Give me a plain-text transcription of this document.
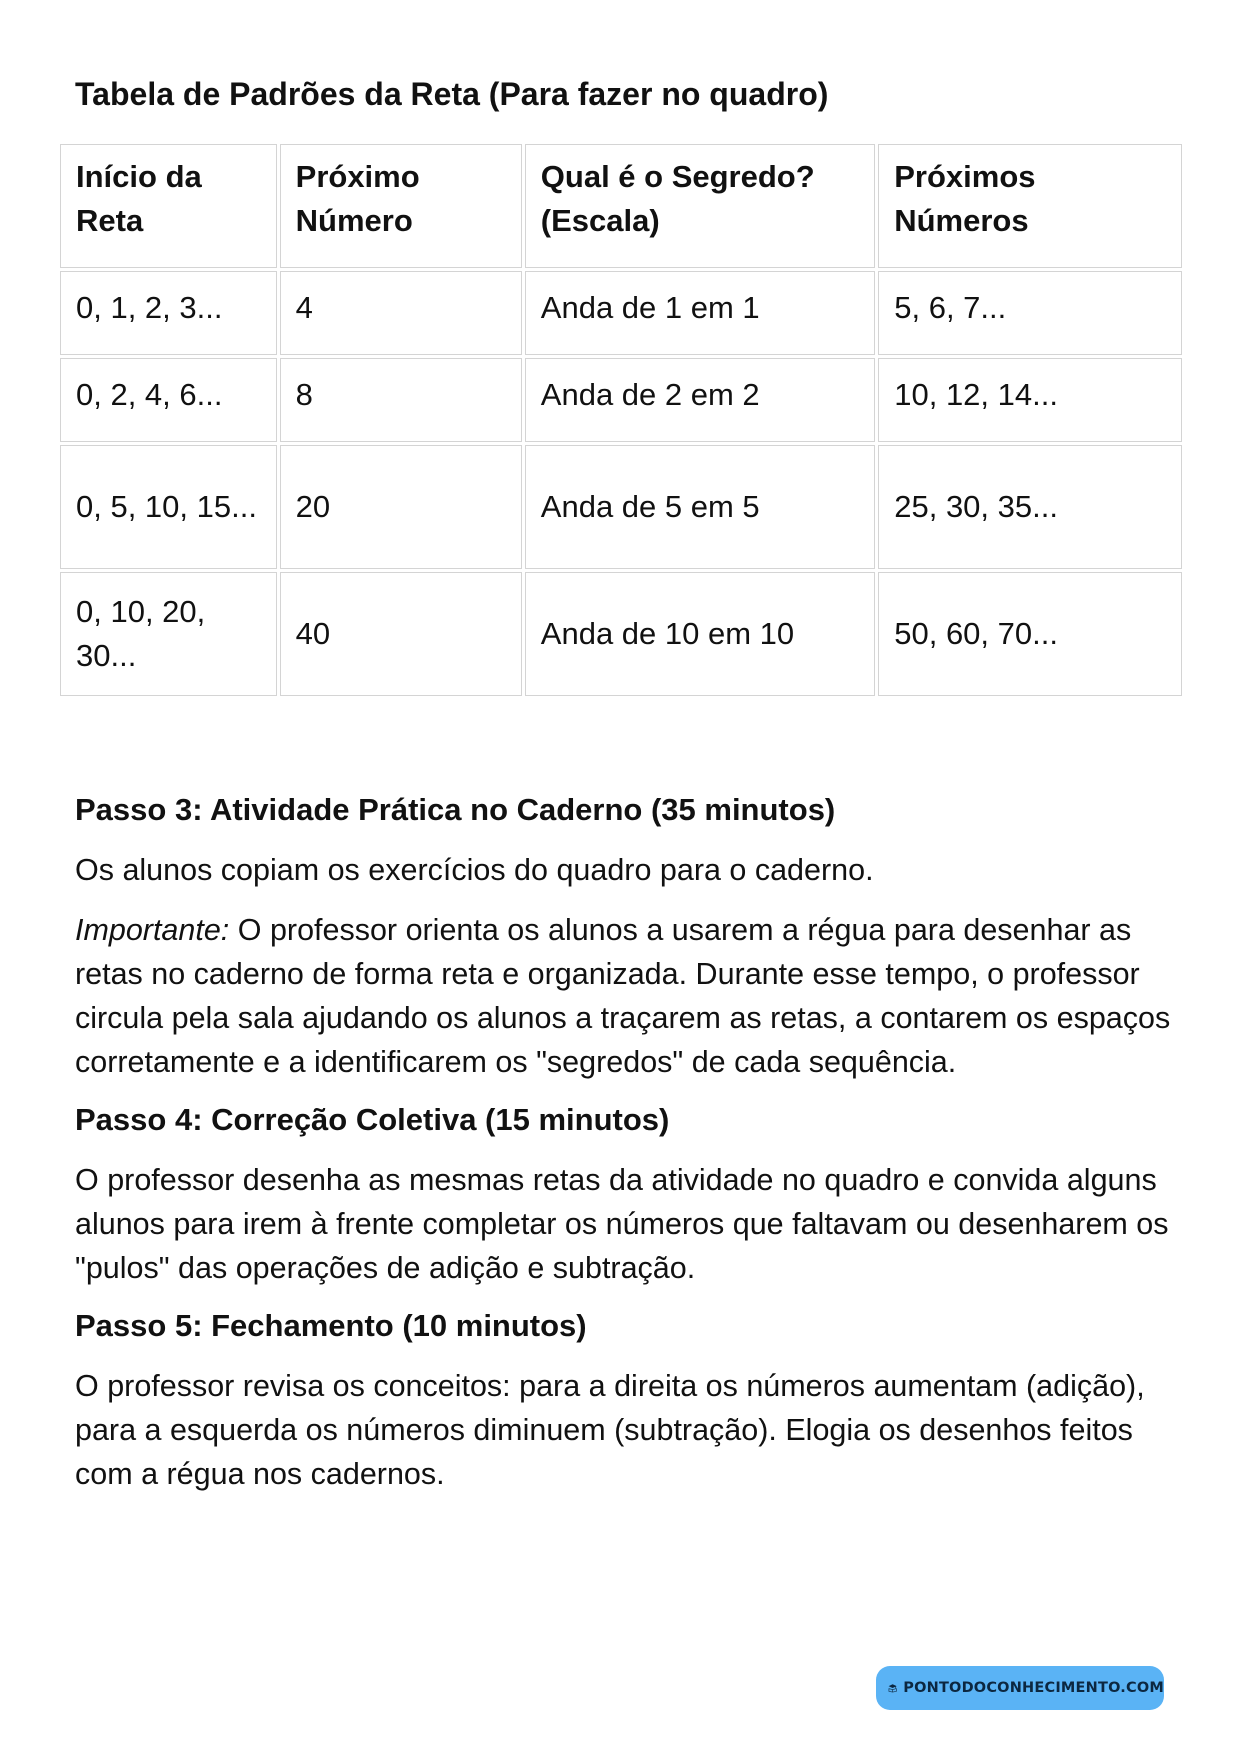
Tabela de Padrões da Reta (Para fazer no quadro)
Início da Reta	Próximo Número	Qual é o Segredo? (Escala)	Próximos Números
0, 1, 2, 3...	4	Anda de 1 em 1	5, 6, 7...
0, 2, 4, 6...	8	Anda de 2 em 2	10, 12, 14...
0, 5, 10, 15...	20	Anda de 5 em 5	25, 30, 35...
0, 10, 20, 30...	40	Anda de 10 em 10	50, 60, 70...
Passo 3: Atividade Prática no Caderno (35 minutos)

Os alunos copiam os exercícios do quadro para o caderno.

Importante: O professor orienta os alunos a usarem a régua para desenhar as retas no caderno de forma reta e organizada. Durante esse tempo, o professor circula pela sala ajudando os alunos a traçarem as retas, a contarem os espaços corretamente e a identificarem os "segredos" de cada sequência.

Passo 4: Correção Coletiva (15 minutos)

O professor desenha as mesmas retas da atividade no quadro e convida alguns alunos para irem à frente completar os números que faltavam ou desenharem os "pulos" das operações de adição e subtração.

Passo 5: Fechamento (10 minutos)

O professor revisa os conceitos: para a direita os números aumentam (adição), para a esquerda os números diminuem (subtração). Elogia os desenhos feitos com a régua nos cadernos.

PONTODOCONHECIMENTO.COM
